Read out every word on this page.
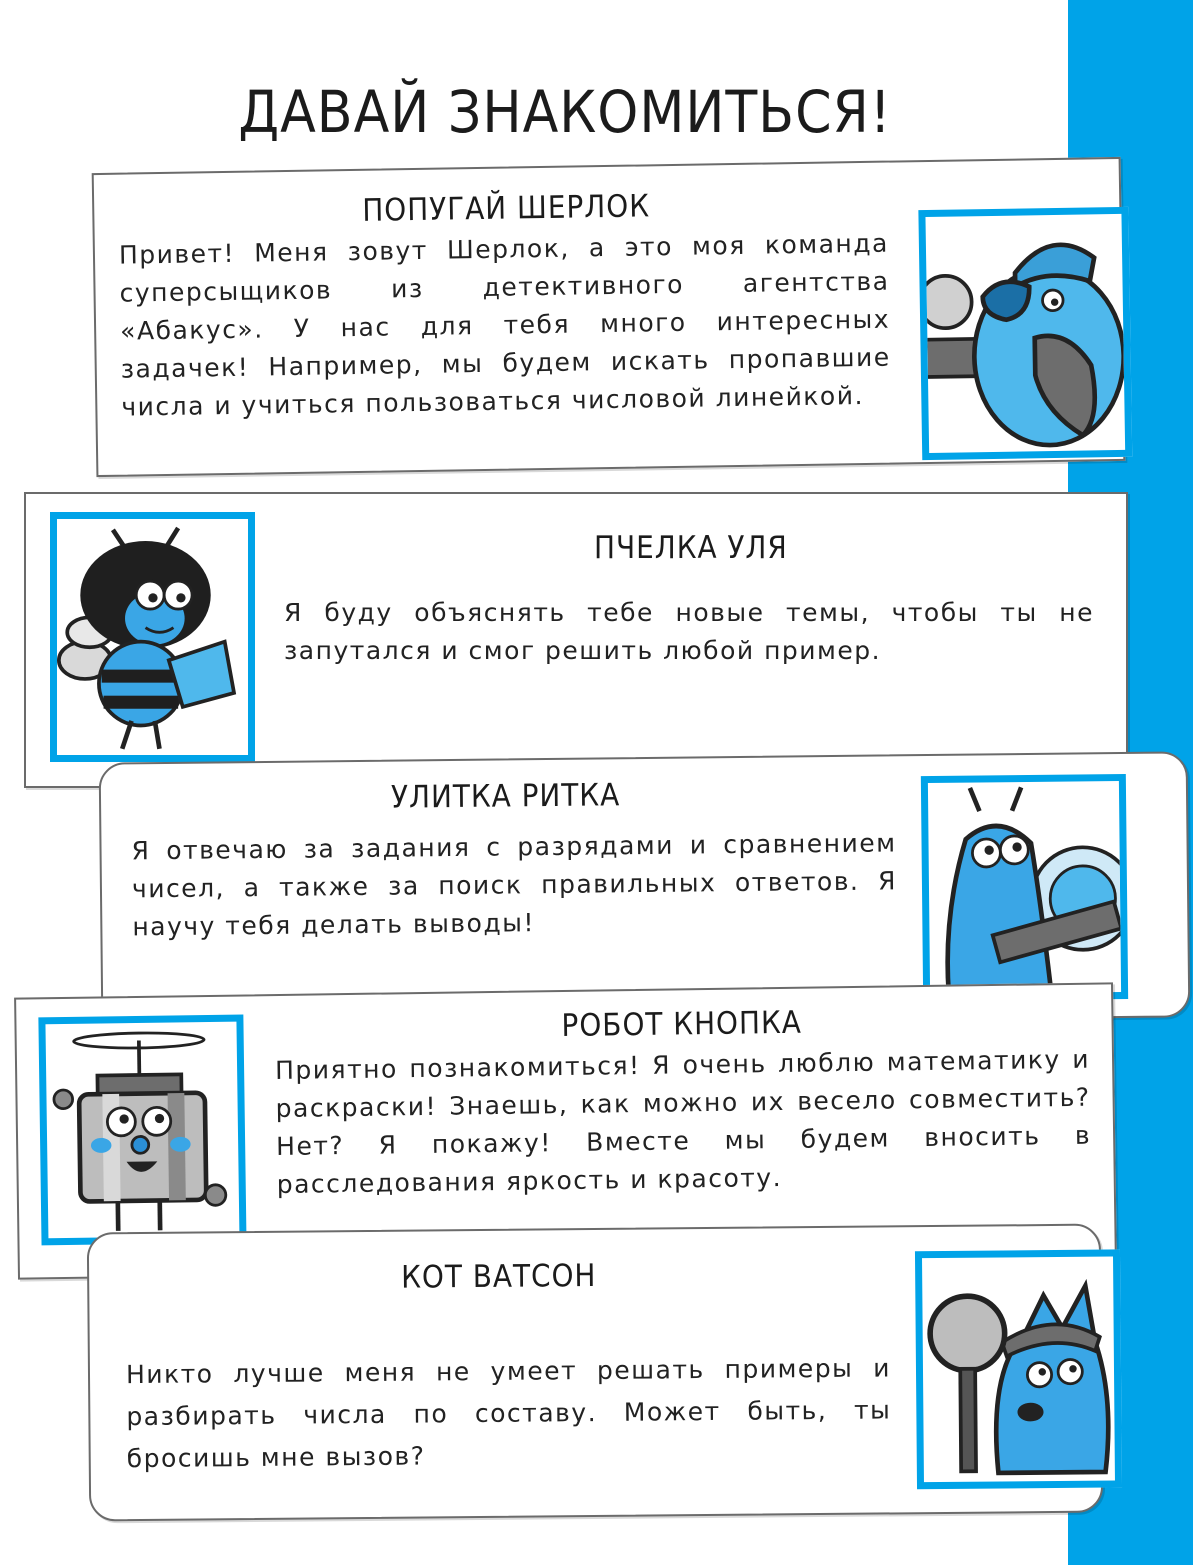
ДАВАЙ ЗНАКОМИТЬСЯ!
ПОПУГАЙ ШЕРЛОК
Привет! Меня зовут Шерлок, а это моя команда суперсыщиков из детективного агентства «Абакус». У нас для тебя много интересных задачек! Например, мы будем искать пропавшие числа и учиться пользоваться числовой линейкой.
ПЧЕЛКА УЛЯ
Я буду объяснять тебе новые темы, чтобы ты не запутался и смог решить любой пример.
УЛИТКА РИТКА
Я отвечаю за задания с разрядами и сравнением чисел, а также за поиск правильных ответов. Я научу тебя делать выводы!
РОБОТ КНОПКА
Приятно познакомиться! Я очень люблю математику и раскраски! Знаешь, как можно их весело совместить? Нет? Я покажу! Вместе мы будем вносить в расследования яркость и красоту.
КОТ ВАТСОН
Никто лучше меня не умеет решать примеры и разбирать числа по составу. Может быть, ты бросишь мне вызов?
